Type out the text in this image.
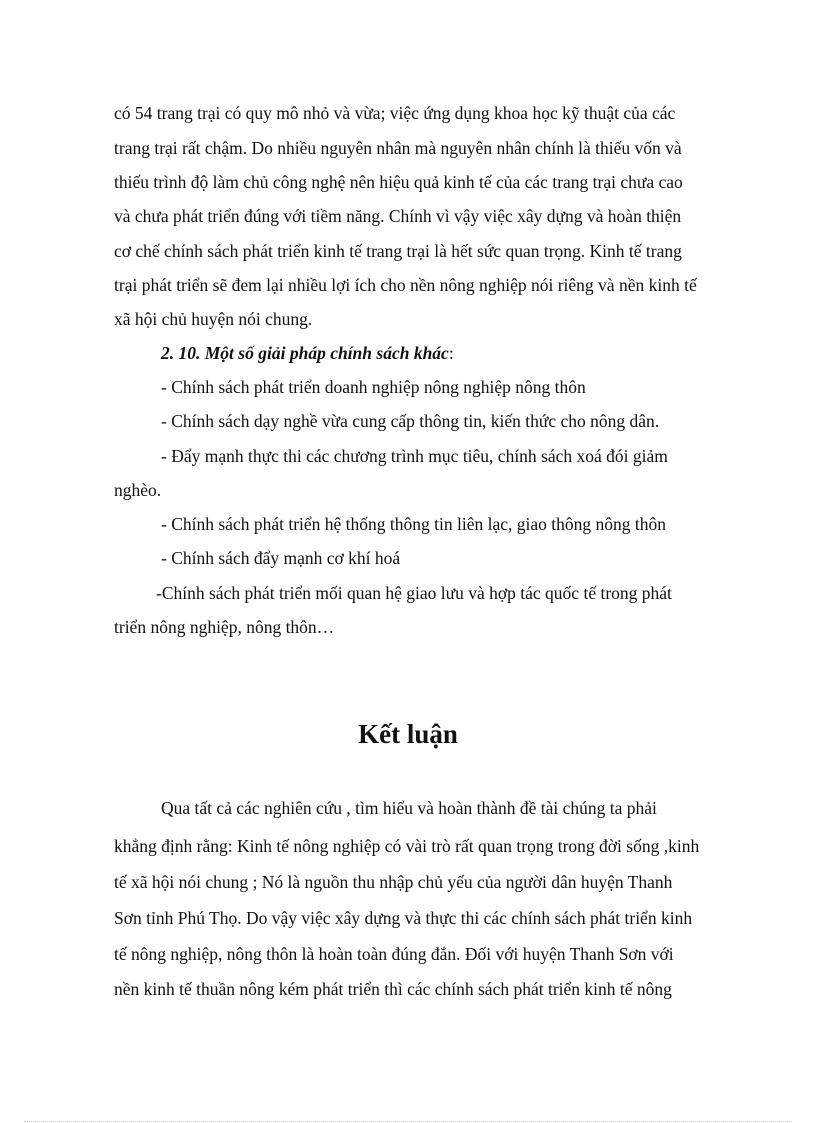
có 54 trang trại có quy mô nhỏ và vừa; việc ứng dụng khoa học kỹ thuật của các
trang trại rất chậm. Do nhiều nguyên nhân mà nguyên nhân chính là thiếu vốn và
thiếu trình độ làm chủ công nghệ nên hiệu quả kinh tế của các trang trại chưa cao
và chưa phát triển đúng với tiềm năng. Chính vì vậy việc xây dựng và hoàn thiện
cơ chế chính sách phát triển kinh tế trang trại là hết sức quan trọng. Kinh tế trang
trại phát triển sẽ đem lại nhiều lợi ích cho nền nông nghiệp nói riêng và nền kinh tế
xã hội chủ huyện nói chung.
2. 10. Một số giải pháp chính sách khác:
- Chính sách phát triển doanh nghiệp nông nghiệp nông thôn
- Chính sách dạy nghề vừa cung cấp thông tin, kiến thức cho nông dân.
- Đẩy mạnh thực thi các chương trình mục tiêu, chính sách xoá đói giảm
nghèo.
- Chính sách phát triển hệ thống thông tin liên lạc, giao thông nông thôn
- Chính sách đẩy mạnh cơ khí hoá
-Chính sách phát triển mối quan hệ giao lưu và hợp tác quốc tế trong phát
triển nông nghiệp, nông thôn…
Kết luận
Qua tất cả các nghiên cứu , tìm hiểu và hoàn thành đề tài chúng ta phải
khẳng định rằng: Kinh tế nông nghiệp có vài trò rất quan trọng trong đời sống ,kinh
tế xã hội nói chung ; Nó là nguồn thu nhập chủ yếu của người dân huyện Thanh
Sơn tỉnh Phú Thọ. Do vậy việc xây dựng và thực thi các chính sách phát triển kinh
tế nông nghiệp, nông thôn là hoàn toàn đúng đắn. Đối với huyện Thanh Sơn với
nền kinh tế thuần nông kém phát triển thì các chính sách phát triển kinh tế nông
